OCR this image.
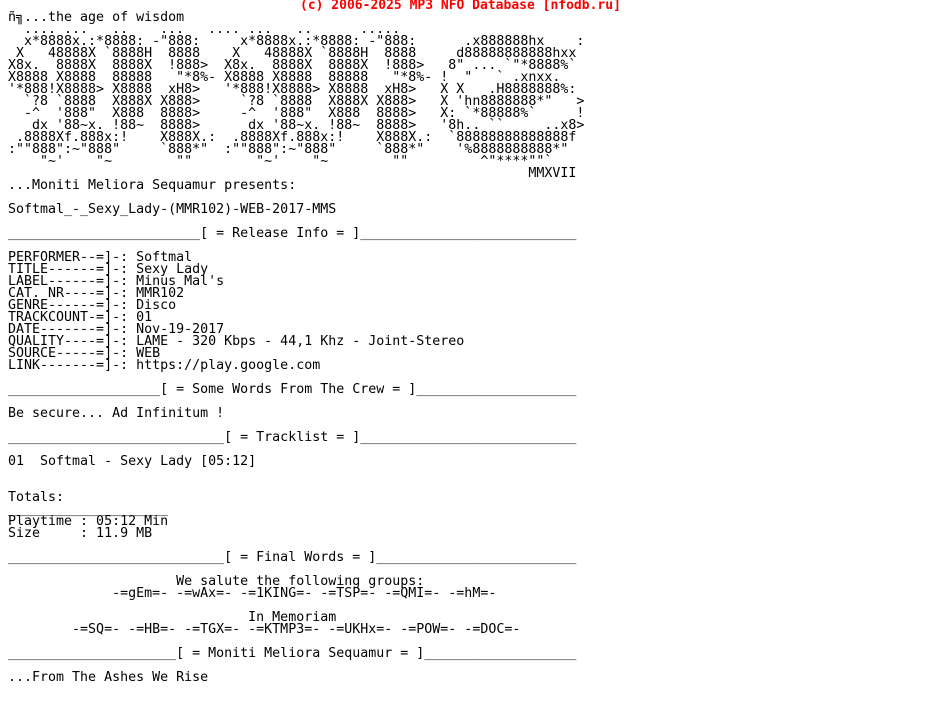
(c) 2006-2025 MP3 NFO Database [nfodb.ru]
ñ╗...the age of wisdom
.... ...   ..    ...   .... ...   ..      .....
x*8888x.:*8888: -"888:     x*8888x.:*8888: -"888:      .x888888hx    :
X   48888X `8888H  8888    X   48888X `8888H  8888     d88888888888hxx
X8x.  8888X  8888X  !888>  X8x.  8888X  8888X  !888>   8" ... `"*8888%`
X8888 X8888  88888   "*8%- X8888 X8888  88888   "*8%- !  "   ` .xnxx.
'*888!X8888> X8888  xH8>   '*888!X8888> X8888  xH8>   X X   .H8888888%:
`?8 `8888  X888X X888>     `?8 `8888  X888X X888>   X 'hn8888888*"   >
-^  '888"  X888  8888>     -^  '888"  X888  8888>   X: `*88888%`     !
dx '88~x. !88~  8888>      dx '88~x. !88~  8888>   '8h.. ``     ..x8>
.8888Xf.888x:!    X888X.:  .8888Xf.888x:!    X888X.:  `88888888888888f
:""888":~"888"     `888*"  :""888":~"888"     `888*"    '%8888888888*"
"~'    "~        ""        "~'    "~        ""         ^"****""`
MMXVII
...Moniti Meliora Sequamur presents:
Softmal_-_Sexy_Lady-(MMR102)-WEB-2017-MMS
________________________[ = Release Info = ]___________________________
PERFORMER--=]-: Softmal
TITLE------=]-: Sexy Lady
LABEL------=]-: Minus Mal's
CAT. NR----=]-: MMR102
GENRE------=]-: Disco
TRACKCOUNT-=]-: 01
DATE-------=]-: Nov-19-2017
QUALITY----=]-: LAME - 320 Kbps - 44,1 Khz - Joint-Stereo
SOURCE-----=]-: WEB
LINK-------=]-: https://play.google.com
___________________[ = Some Words From The Crew = ]____________________
Be secure... Ad Infinitum !
___________________________[ = Tracklist = ]___________________________
01  Softmal - Sexy Lady [05:12]
Totals:
____________________
Playtime : 05:12 Min
Size     : 11.9 MB
___________________________[ = Final Words = ]_________________________
We salute the following groups:
-=gEm=- -=wAx=- -=1KING=- -=TSP=- -=QMI=- -=hM=-
In Memoriam
-=SQ=- -=HB=- -=TGX=- -=KTMP3=- -=UKHx=- -=POW=- -=DOC=-
_____________________[ = Moniti Meliora Sequamur = ]___________________
...From The Ashes We Rise
